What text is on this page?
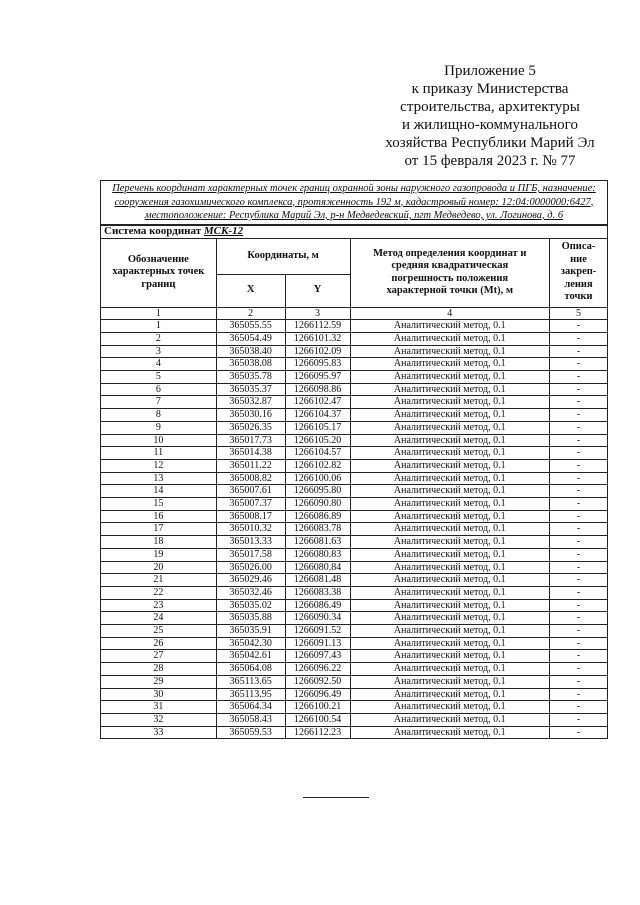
Приложение 5
к приказу Министерства
строительства, архитектуры
и жилищно-коммунального
хозяйства Республики Марий Эл
от 15 февраля 2023 г. № 77
Перечень координат характерных точек границ охранной зоны наружного газопровода и ПГБ, назначение: сооружения газохимического комплекса, протяженность 192 м, кадастровый номер: 12:04:0000000:6427, местоположение: Республика Марий Эл, р-н Медведевский, пгт Медведево, ул. Логинова, д. 6				
Система координат МСК-12				
Обозначение характерных точек границ	Координаты, м		Метод определения координат и средняя квадратическая погрешность положения характерной точки (Mt), м	Описа-ние закреп-ления точки
	X	Y		
1	2	3	4	5
1	365055.55	1266112.59	Аналитический метод, 0.1	-
2	365054.49	1266101.32	Аналитический метод, 0.1	-
3	365038.40	1266102.09	Аналитический метод, 0.1	-
4	365038.08	1266095.83	Аналитический метод, 0.1	-
5	365035.78	1266095.97	Аналитический метод, 0.1	-
6	365035.37	1266098.86	Аналитический метод, 0.1	-
7	365032.87	1266102.47	Аналитический метод, 0.1	-
8	365030.16	1266104.37	Аналитический метод, 0.1	-
9	365026.35	1266105.17	Аналитический метод, 0.1	-
10	365017.73	1266105.20	Аналитический метод, 0.1	-
11	365014.38	1266104.57	Аналитический метод, 0.1	-
12	365011.22	1266102.82	Аналитический метод, 0.1	-
13	365008.82	1266100.06	Аналитический метод, 0.1	-
14	365007.61	1266095.80	Аналитический метод, 0.1	-
15	365007.37	1266090.80	Аналитический метод, 0.1	-
16	365008.17	1266086.89	Аналитический метод, 0.1	-
17	365010.32	1266083.78	Аналитический метод, 0.1	-
18	365013.33	1266081.63	Аналитический метод, 0.1	-
19	365017.58	1266080.83	Аналитический метод, 0.1	-
20	365026.00	1266080.84	Аналитический метод, 0.1	-
21	365029.46	1266081.48	Аналитический метод, 0.1	-
22	365032.46	1266083.38	Аналитический метод, 0.1	-
23	365035.02	1266086.49	Аналитический метод, 0.1	-
24	365035.88	1266090.34	Аналитический метод, 0.1	-
25	365035.91	1266091.52	Аналитический метод, 0.1	-
26	365042.30	1266091.13	Аналитический метод, 0.1	-
27	365042.61	1266097.43	Аналитический метод, 0.1	-
28	365064.08	1266096.22	Аналитический метод, 0.1	-
29	365113.65	1266092.50	Аналитический метод, 0.1	-
30	365113.95	1266096.49	Аналитический метод, 0.1	-
31	365064.34	1266100.21	Аналитический метод, 0.1	-
32	365058.43	1266100.54	Аналитический метод, 0.1	-
33	365059.53	1266112.23	Аналитический метод, 0.1	-
